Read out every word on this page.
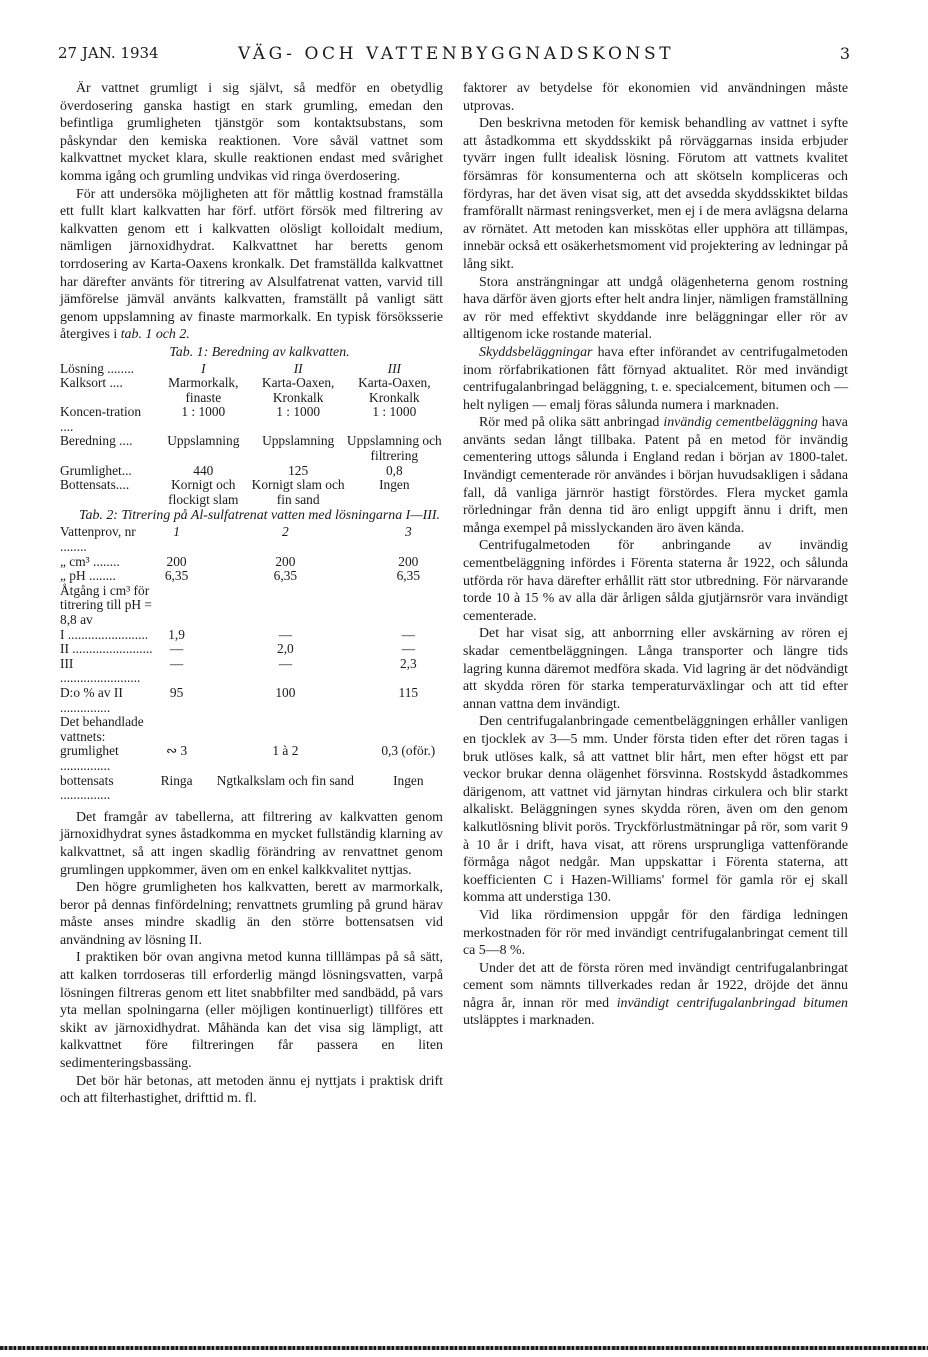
27 JAN. 1934	VÄG- OCH VATTENBYGGNADSKONST	3

Är vattnet grumligt i sig självt, så medför en obetydlig överdosering ganska hastigt en stark grumling, emedan den befintliga grumligheten tjänstgör som kontaktsubstans, som påskyndar den kemiska reaktionen. Vore såväl vattnet som kalkvattnet mycket klara, skulle reaktionen endast med svårighet komma igång och grumling undvikas vid ringa överdosering.

För att undersöka möjligheten att för måttlig kostnad framställa ett fullt klart kalkvatten har förf. utfört försök med filtrering av kalkvatten genom ett i kalkvatten olösligt kolloidalt medium, nämligen järnoxidhydrat. Kalkvattnet har beretts genom torrdosering av Karta-Oaxens kronkalk. Det framställda kalkvattnet har därefter använts för titrering av Alsulfatrenat vatten, varvid till jämförelse jämväl använts kalkvatten, framställt på vanligt sätt genom uppslamning av finaste marmorkalk. En typisk försöksserie återgives i tab. 1 och 2.

Tab. 1: Beredning av kalkvatten.

Lösning ........	I	II	III
Kalksort ....	Marmorkalk, finaste	Karta-Oaxen, Kronkalk	Karta-Oaxen, Kronkalk
Koncen-tration ....	1 : 1000	1 : 1000	1 : 1000
Beredning ....	Uppslamning	Uppslamning	Uppslamning och filtrering
Grumlighet...	440	125	0,8
Bottensats....	Kornigt och flockigt slam	Kornigt slam och fin sand	Ingen

Tab. 2: Titrering på Al-sulfatrenat vatten med lösningarna I—III.

Vattenprov, nr ........	1	2	3
„ cm³ ........	200	200	200
„ pH ........	6,35	6,35	6,35
Åtgång i cm³ för titrering till pH = 8,8 av			
I ........................	1,9	—	—
II ........................	—	2,0	—
III ........................	—	—	2,3
D:o % av II ...............	95	100	115
Det behandlade vattnets:			
grumlighet ...............	∾ 3	1 à 2	0,3 (oför.)
bottensats ...............	Ringa	Ngtkalkslam och fin sand	Ingen

Det framgår av tabellerna, att filtrering av kalkvatten genom järnoxidhydrat synes åstadkomma en mycket fullständig klarning av kalkvattnet, så att ingen skadlig förändring av renvattnet genom grumlingen uppkommer, även om en enkel kalkkvalitet nyttjas.

Den högre grumligheten hos kalkvatten, berett av marmorkalk, beror på dennas finfördelning; renvattnets grumling på grund härav måste anses mindre skadlig än den större bottensatsen vid användning av lösning II.

I praktiken bör ovan angivna metod kunna tilllämpas på så sätt, att kalken torrdoseras till erforderlig mängd lösningsvatten, varpå lösningen filtreras genom ett litet snabbfilter med sandbädd, på vars yta mellan spolningarna (eller möjligen kontinuerligt) tillföres ett skikt av järnoxidhydrat. Måhända kan det visa sig lämpligt, att kalkvattnet före filtreringen får passera en liten sedimenteringsbassäng.

Det bör här betonas, att metoden ännu ej nyttjats i praktisk drift och att filterhastighet, drifttid m. fl.

faktorer av betydelse för ekonomien vid användningen måste utprovas.

Den beskrivna metoden för kemisk behandling av vattnet i syfte att åstadkomma ett skyddsskikt på rörväggarnas insida erbjuder tyvärr ingen fullt idealisk lösning. Förutom att vattnets kvalitet försämras för konsumenterna och att skötseln kompliceras och fördyras, har det även visat sig, att det avsedda skyddsskiktet bildas framförallt närmast reningsverket, men ej i de mera avlägsna delarna av rörnätet. Att metoden kan misskötas eller upphöra att tillämpas, innebär också ett osäkerhetsmoment vid projektering av ledningar på lång sikt.

Stora ansträngningar att undgå olägenheterna genom rostning hava därför även gjorts efter helt andra linjer, nämligen framställning av rör med effektivt skyddande inre beläggningar eller rör av alltigenom icke rostande material.

Skyddsbeläggningar hava efter införandet av centrifugalmetoden inom rörfabrikationen fått förnyad aktualitet. Rör med invändigt centrifugalanbringad beläggning, t. e. specialcement, bitumen och — helt nyligen — emalj föras sålunda numera i marknaden.

Rör med på olika sätt anbringad invändig cementbeläggning hava använts sedan långt tillbaka. Patent på en metod för invändig cementering uttogs sålunda i England redan i början av 1800-talet. Invändigt cementerade rör användes i början huvudsakligen i sådana fall, då vanliga järnrör hastigt förstördes. Flera mycket gamla rörledningar från denna tid äro enligt uppgift ännu i drift, men många exempel på misslyckanden äro även kända.

Centrifugalmetoden för anbringande av invändig cementbeläggning infördes i Förenta staterna år 1922, och sålunda utförda rör hava därefter erhållit rätt stor utbredning. För närvarande torde 10 à 15 % av alla där årligen sålda gjutjärnsrör vara invändigt cementerade.

Det har visat sig, att anborrning eller avskärning av rören ej skadar cementbeläggningen. Långa transporter och längre tids lagring kunna däremot medföra skada. Vid lagring är det nödvändigt att skydda rören för starka temperaturväxlingar och att tid efter annan vattna dem invändigt.

Den centrifugalanbringade cementbeläggningen erhåller vanligen en tjocklek av 3—5 mm. Under första tiden efter det rören tagas i bruk utlöses kalk, så att vattnet blir hårt, men efter högst ett par veckor brukar denna olägenhet försvinna. Rostskydd åstadkommes därigenom, att vattnet vid järnytan hindras cirkulera och blir starkt alkaliskt. Beläggningen synes skydda rören, även om den genom kalkutlösning blivit porös. Tryckförlustmätningar på rör, som varit 9 à 10 år i drift, hava visat, att rörens ursprungliga vattenförande förmåga något nedgår. Man uppskattar i Förenta staterna, att koefficienten C i Hazen-Williams' formel för gamla rör ej skall komma att understiga 130.

Vid lika rördimension uppgår för den färdiga ledningen merkostnaden för rör med invändigt centrifugalanbringat cement till ca 5—8 %.

Under det att de första rören med invändigt centrifugalanbringat cement som nämnts tillverkades redan år 1922, dröjde det ännu några år, innan rör med invändigt centrifugalanbringad bitumen utsläpptes i marknaden.
